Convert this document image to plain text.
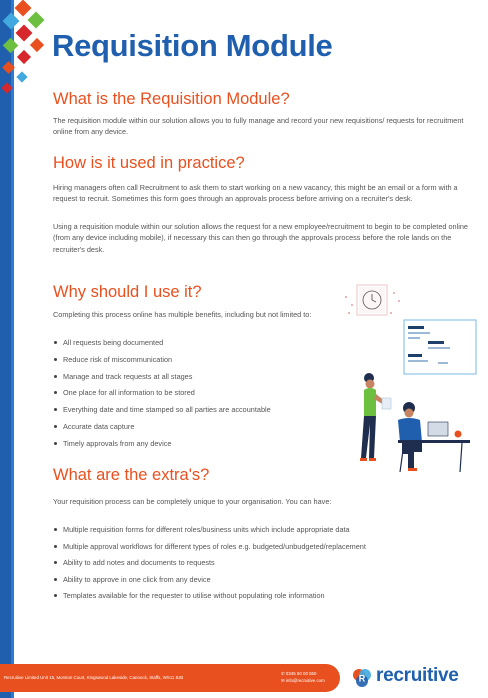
Requisition Module
What is the Requisition Module?

The requisition module within our solution allows you to fully manage and record your new requisitions/ requests for recruitment online from any device.

How is it used in practice?

Hiring managers often call Recruitment to ask them to start working on a new vacancy, this might be an email or a form with a request to recruit. Sometimes this form goes through an approvals process before arriving on a recruiter's desk.

Using a requisition module within our solution allows the request for a new employee/recruitment to begin to be completed online (from any device including mobile), if necessary this can then go through the approvals process before the role lands on the recruiter's desk.

Why should I use it?

Completing this process online has multiple benefits, including but not limited to:

All requests being documented
Reduce risk of miscommunication
Manage and track requests at all stages
One place for all information to be stored
Everything date and time stamped so all parties are accountable
Accurate data capture
Timely approvals from any device
What are the extra's?

Your requisition process can be completely unique to your organisation. You can have:

Multiple requisition forms for different roles/business units which include appropriate data
Multiple approval workflows for different types of roles e.g. budgeted/unbudgeted/replacement
Ability to add notes and documents to requests
Ability to approve in one click from any device
Templates available for the requester to utilise without populating role information
Recruitive Limited Unit 15, Morston Court, Kingswood Lakeside, Cannock, Staffs, WS11 8JB
✆ 0345 60 00 550
✉ info@recruitive.com	R recruitive
